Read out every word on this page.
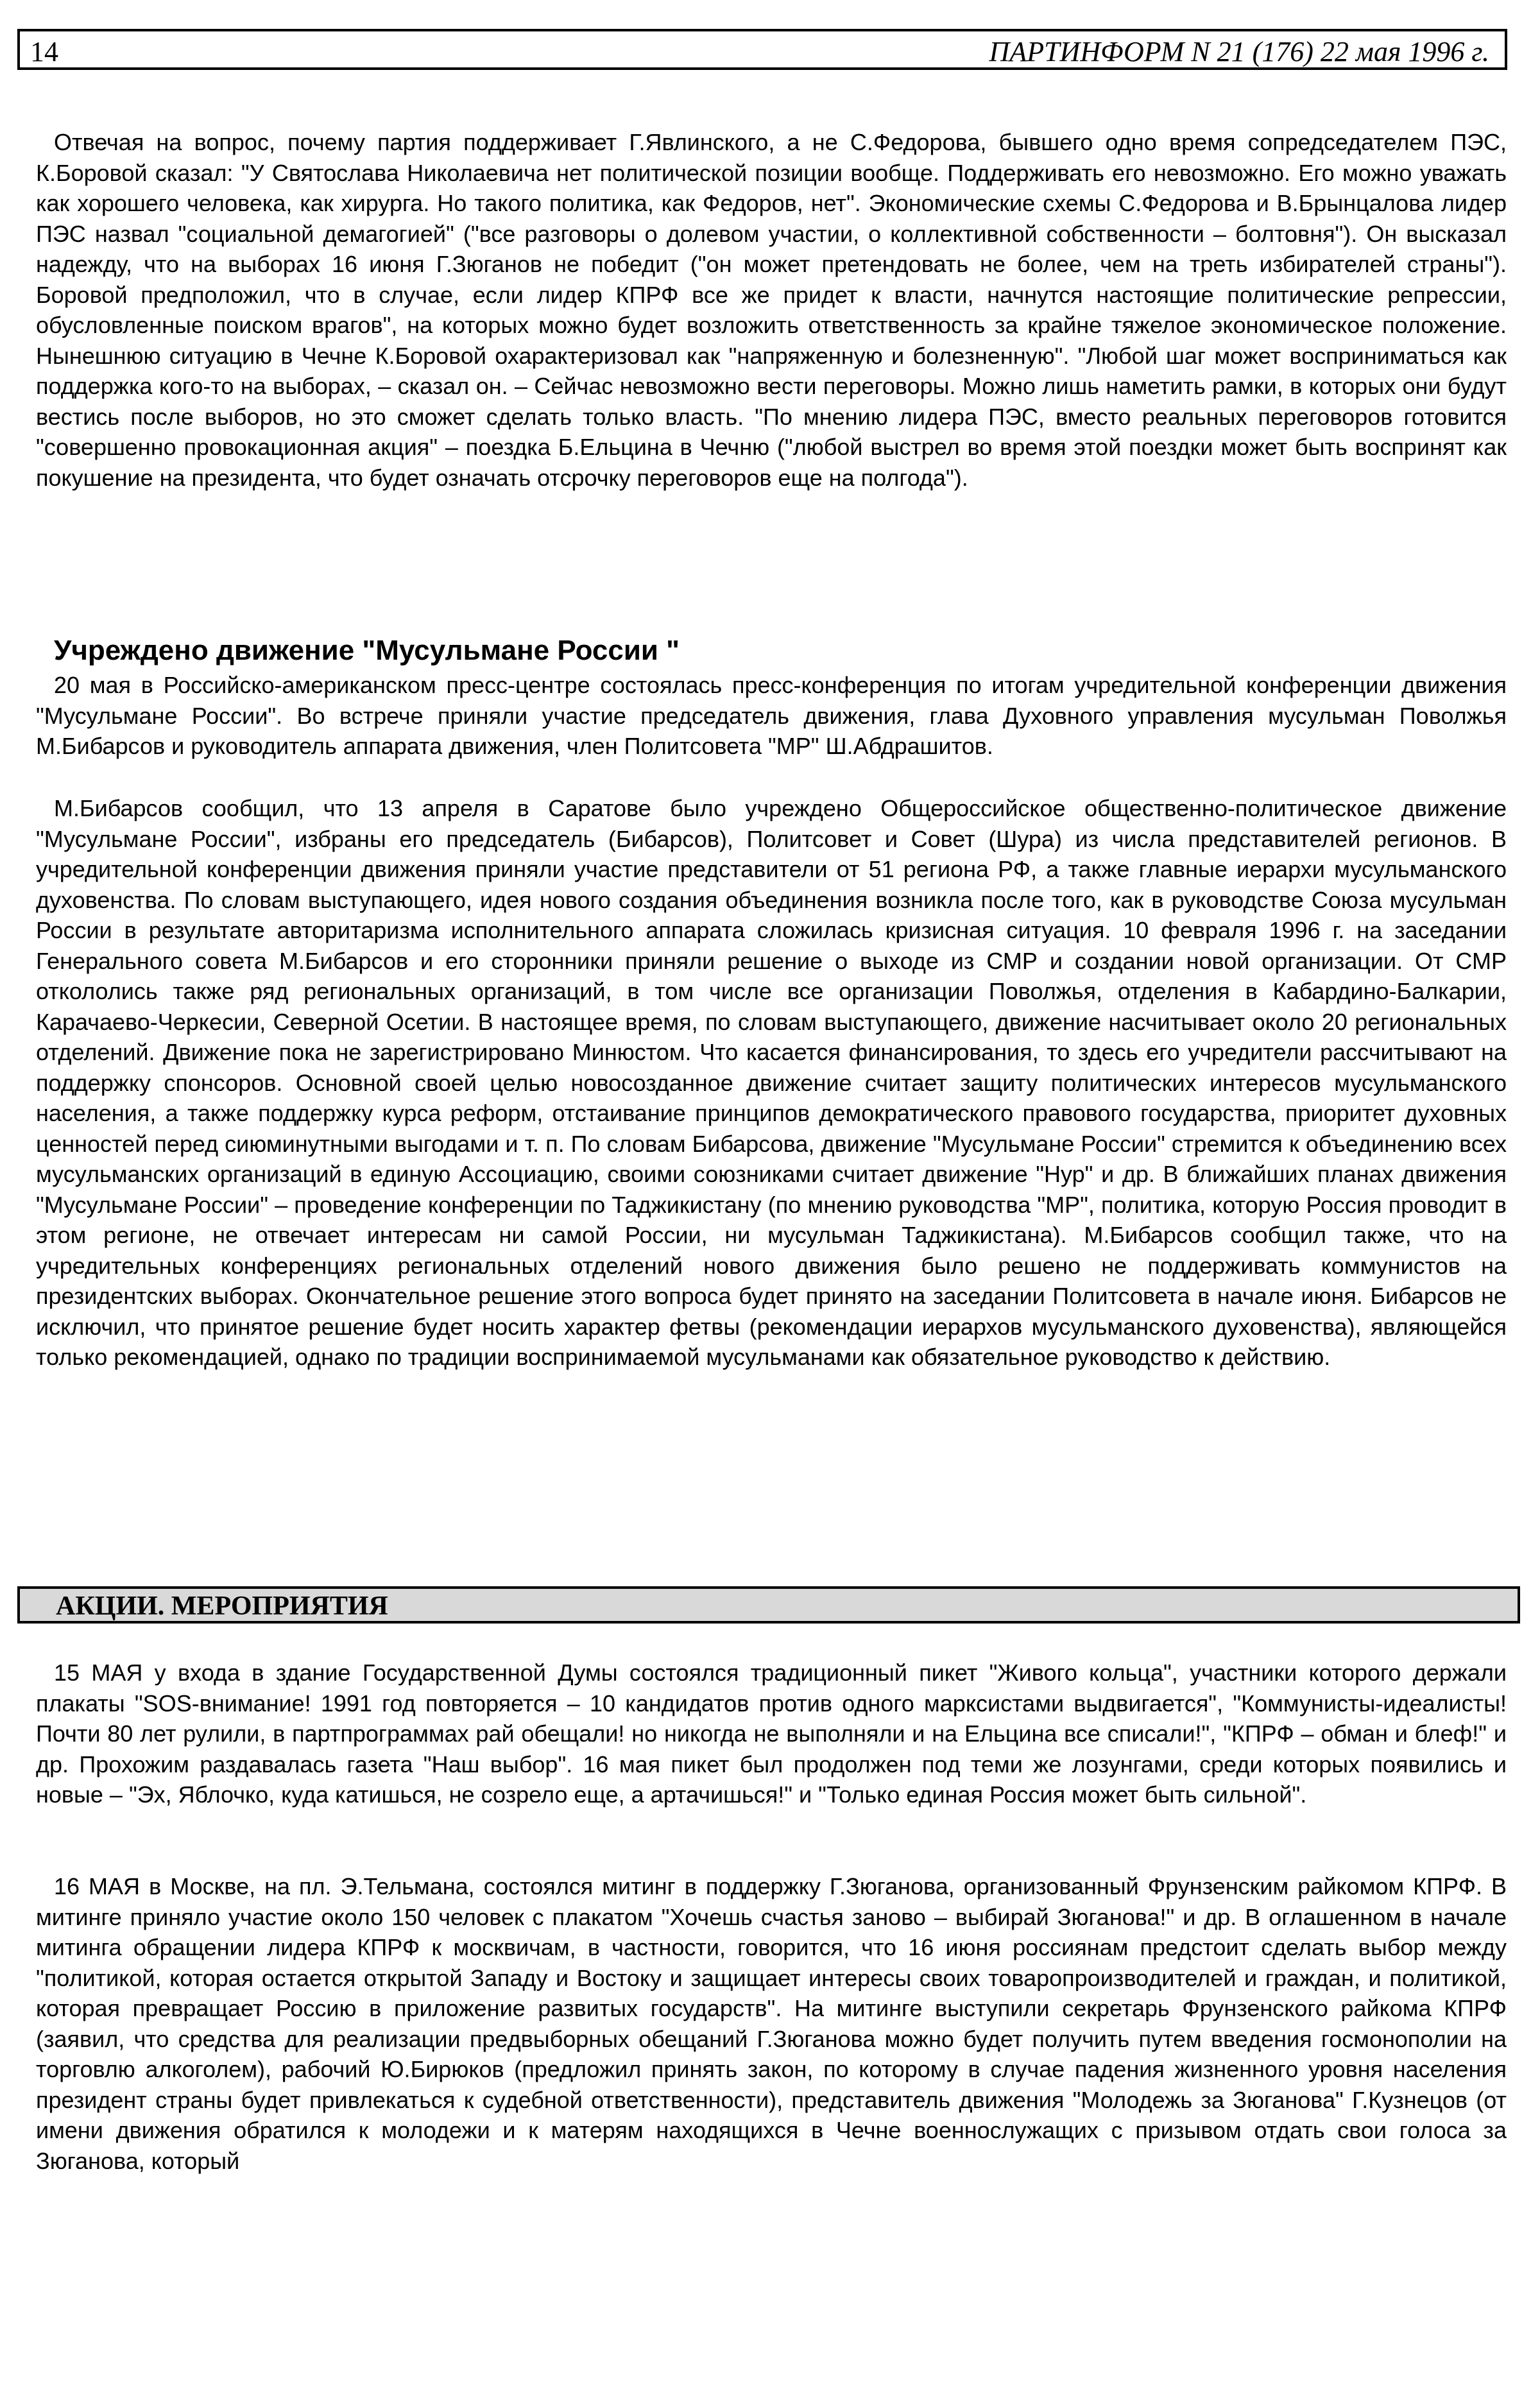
14	ПАРТИНФОРМ N 21 (176) 22 мая 1996 г.

Отвечая на вопрос, почему партия поддерживает Г.Явлинского, а не С.Федорова, бывшего одно время сопредседателем ПЭС, К.Боровой сказал: "У Святослава Николаевича нет политической позиции вообще. Поддерживать его невозможно. Его можно уважать как хорошего человека, как хирурга. Но такого политика, как Федоров, нет". Экономические схемы С.Федорова и В.Брынцалова лидер ПЭС назвал "социальной демагогией" ("все разговоры о долевом участии, о коллективной собственности – болтовня"). Он высказал надежду, что на выборах 16 июня Г.Зюганов не победит ("он может претендовать не более, чем на треть избирателей страны"). Боровой предположил, что в случае, если лидер КПРФ все же придет к власти, начнутся настоящие политические репрессии, обусловленные поиском врагов", на которых можно будет возложить ответственность за крайне тяжелое экономическое положение. Нынешнюю ситуацию в Чечне К.Боровой охарактеризовал как "напряженную и болезненную". "Любой шаг может восприниматься как поддержка кого-то на выборах, – сказал он. – Сейчас невозможно вести переговоры. Можно лишь наметить рамки, в которых они будут вестись после выборов, но это сможет сделать только власть. "По мнению лидера ПЭС, вместо реальных переговоров готовится "совершенно провокационная акция" – поездка Б.Ельцина в Чечню ("любой выстрел во время этой поездки может быть воспринят как покушение на президента, что будет означать отсрочку переговоров еще на полгода").

Учреждено движение "Мусульмане России "

20 мая в Российско-американском пресс-центре состоялась пресс-конференция по итогам учредительной конференции движения "Мусульмане России". Во встрече приняли участие председатель движения, глава Духовного управления мусульман Поволжья М.Бибарсов и руководитель аппарата движения, член Политсовета "МР" Ш.Абдрашитов.

М.Бибарсов сообщил, что 13 апреля в Саратове было учреждено Общероссийское общественно-политическое движение "Мусульмане России", избраны его председатель (Бибарсов), Политсовет и Совет (Шура) из числа представителей регионов. В учредительной конференции движения приняли участие представители от 51 региона РФ, а также главные иерархи мусульманского духовенства. По словам выступающего, идея нового создания объединения возникла после того, как в руководстве Союза мусульман России в результате авторитаризма исполнительного аппарата сложилась кризисная ситуация. 10 февраля 1996 г. на заседании Генерального совета М.Бибарсов и его сторонники приняли решение о выходе из СМР и создании новой организации. От СМР откололись также ряд региональных организаций, в том числе все организации Поволжья, отделения в Кабардино-Балкарии, Карачаево-Черкесии, Северной Осетии. В настоящее время, по словам выступающего, движение насчитывает около 20 региональных отделений. Движение пока не зарегистрировано Минюстом. Что касается финансирования, то здесь его учредители рассчитывают на поддержку спонсоров. Основной своей целью новосозданное движение считает защиту политических интересов мусульманского населения, а также поддержку курса реформ, отстаивание принципов демократического правового государства, приоритет духовных ценностей перед сиюминутными выгодами и т. п. По словам Бибарсова, движение "Мусульмане России" стремится к объединению всех мусульманских организаций в единую Ассоциацию, своими союзниками считает движение "Нур" и др. В ближайших планах движения "Мусульмане России" – проведение конференции по Таджикистану (по мнению руководства "МР", политика, которую Россия проводит в этом регионе, не отвечает интересам ни самой России, ни мусульман Таджикистана). М.Бибарсов сообщил также, что на учредительных конференциях региональных отделений нового движения было решено не поддерживать коммунистов на президентских выборах. Окончательное решение этого вопроса будет принято на заседании Политсовета в начале июня. Бибарсов не исключил, что принятое решение будет носить характер фетвы (рекомендации иерархов мусульманского духовенства), являющейся только рекомендацией, однако по традиции воспринимаемой мусульманами как обязательное руководство к действию.

АКЦИИ. МЕРОПРИЯТИЯ

15 МАЯ у входа в здание Государственной Думы состоялся традиционный пикет "Живого кольца", участники которого держали плакаты "SOS-внимание! 1991 год повторяется – 10 кандидатов против одного марксистами выдвигается", "Коммунисты-идеалисты! Почти 80 лет рулили, в партпрограммах рай обещали! но никогда не выполняли и на Ельцина все списали!", "КПРФ – обман и блеф!" и др. Прохожим раздавалась газета "Наш выбор". 16 мая пикет был продолжен под теми же лозунгами, среди которых появились и новые – "Эх, Яблочко, куда катишься, не созрело еще, а артачишься!" и "Только единая Россия может быть сильной".

16 МАЯ в Москве, на пл. Э.Тельмана, состоялся митинг в поддержку Г.Зюганова, организованный Фрунзенским райкомом КПРФ. В митинге приняло участие около 150 человек с плакатом "Хочешь счастья заново – выбирай Зюганова!" и др. В оглашенном в начале митинга обращении лидера КПРФ к москвичам, в частности, говорится, что 16 июня россиянам предстоит сделать выбор между "политикой, которая остается открытой Западу и Востоку и защищает интересы своих товаропроизводителей и граждан, и политикой, которая превращает Россию в приложение развитых государств". На митинге выступили секретарь Фрунзенского райкома КПРФ (заявил, что средства для реализации предвыборных обещаний Г.Зюганова можно будет получить путем введения госмонополии на торговлю алкоголем), рабочий Ю.Бирюков (предложил принять закон, по которому в случае падения жизненного уровня населения президент страны будет привлекаться к судебной ответственности), представитель движения "Молодежь за Зюганова" Г.Кузнецов (от имени движения обратился к молодежи и к матерям находящихся в Чечне военнослужащих с призывом отдать свои голоса за Зюганова, который
